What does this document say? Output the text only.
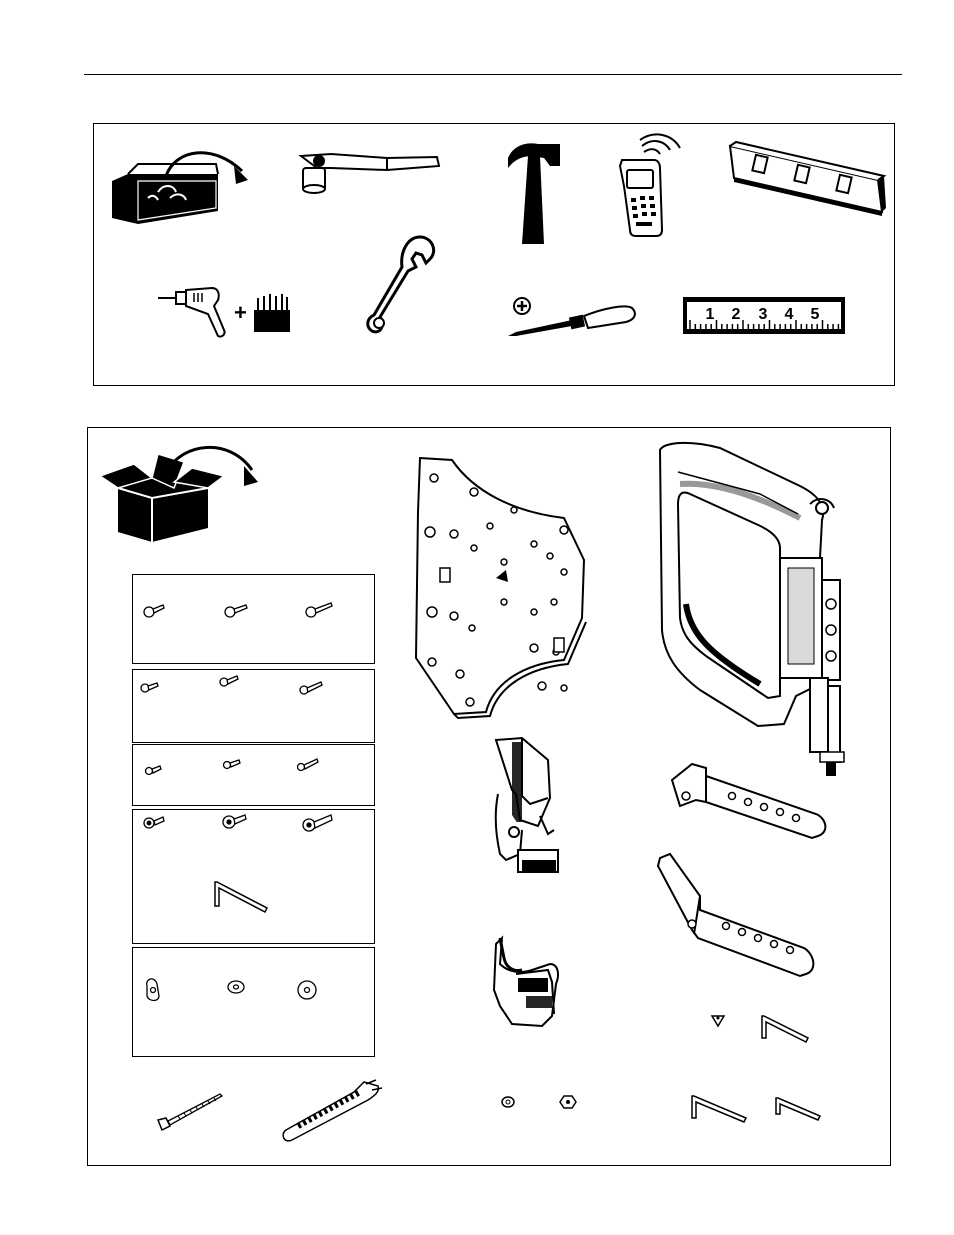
+	1 2 3 4 5
